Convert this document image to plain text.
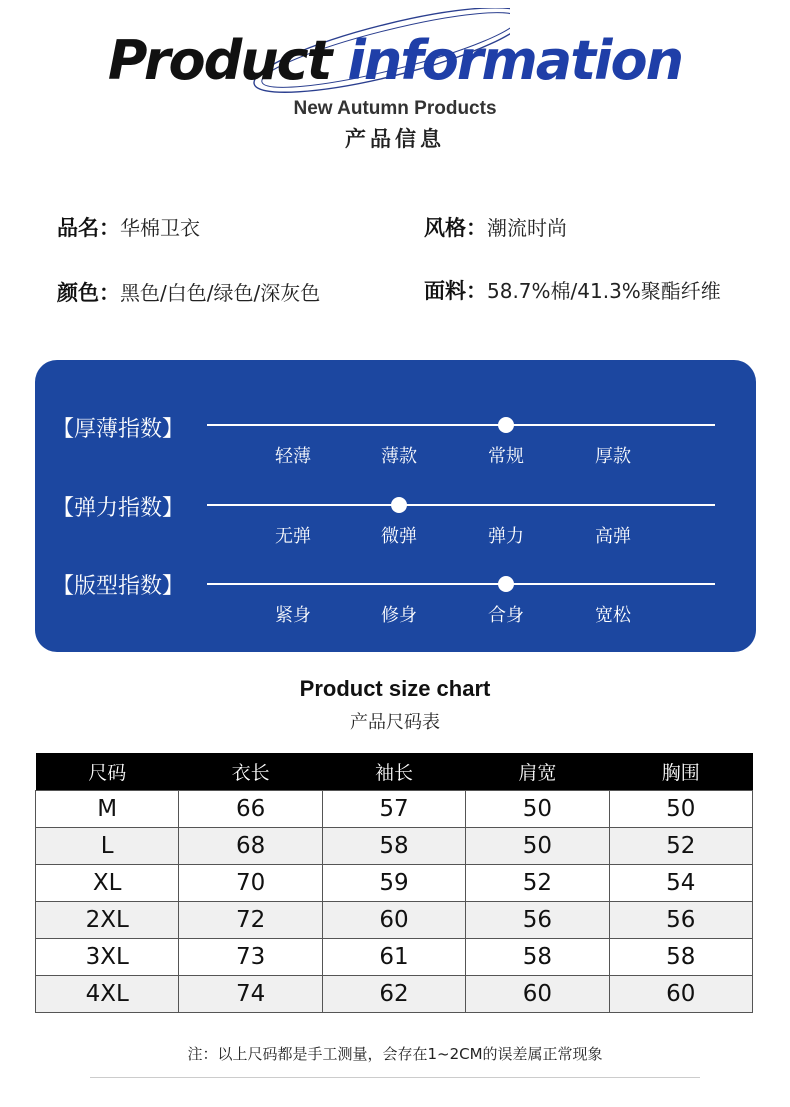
Product information
New Autumn Products
产品信息
品名：华棉卫衣	风格：潮流时尚
颜色：黑色/白色/绿色/深灰色	面料：58.7%棉/41.3%聚酯纤维
【厚薄指数】
轻薄	薄款	常规	厚款
【弹力指数】
无弹	微弹	弹力	高弹
【版型指数】
紧身	修身	合身	宽松
Product size chart
产品尺码表
尺码	衣长	袖长	肩宽	胸围
M	66	57	50	50
L	68	58	50	52
XL	70	59	52	54
2XL	72	60	56	56
3XL	73	61	58	58
4XL	74	62	60	60
注：以上尺码都是手工测量，会存在1~2CM的误差属正常现象
